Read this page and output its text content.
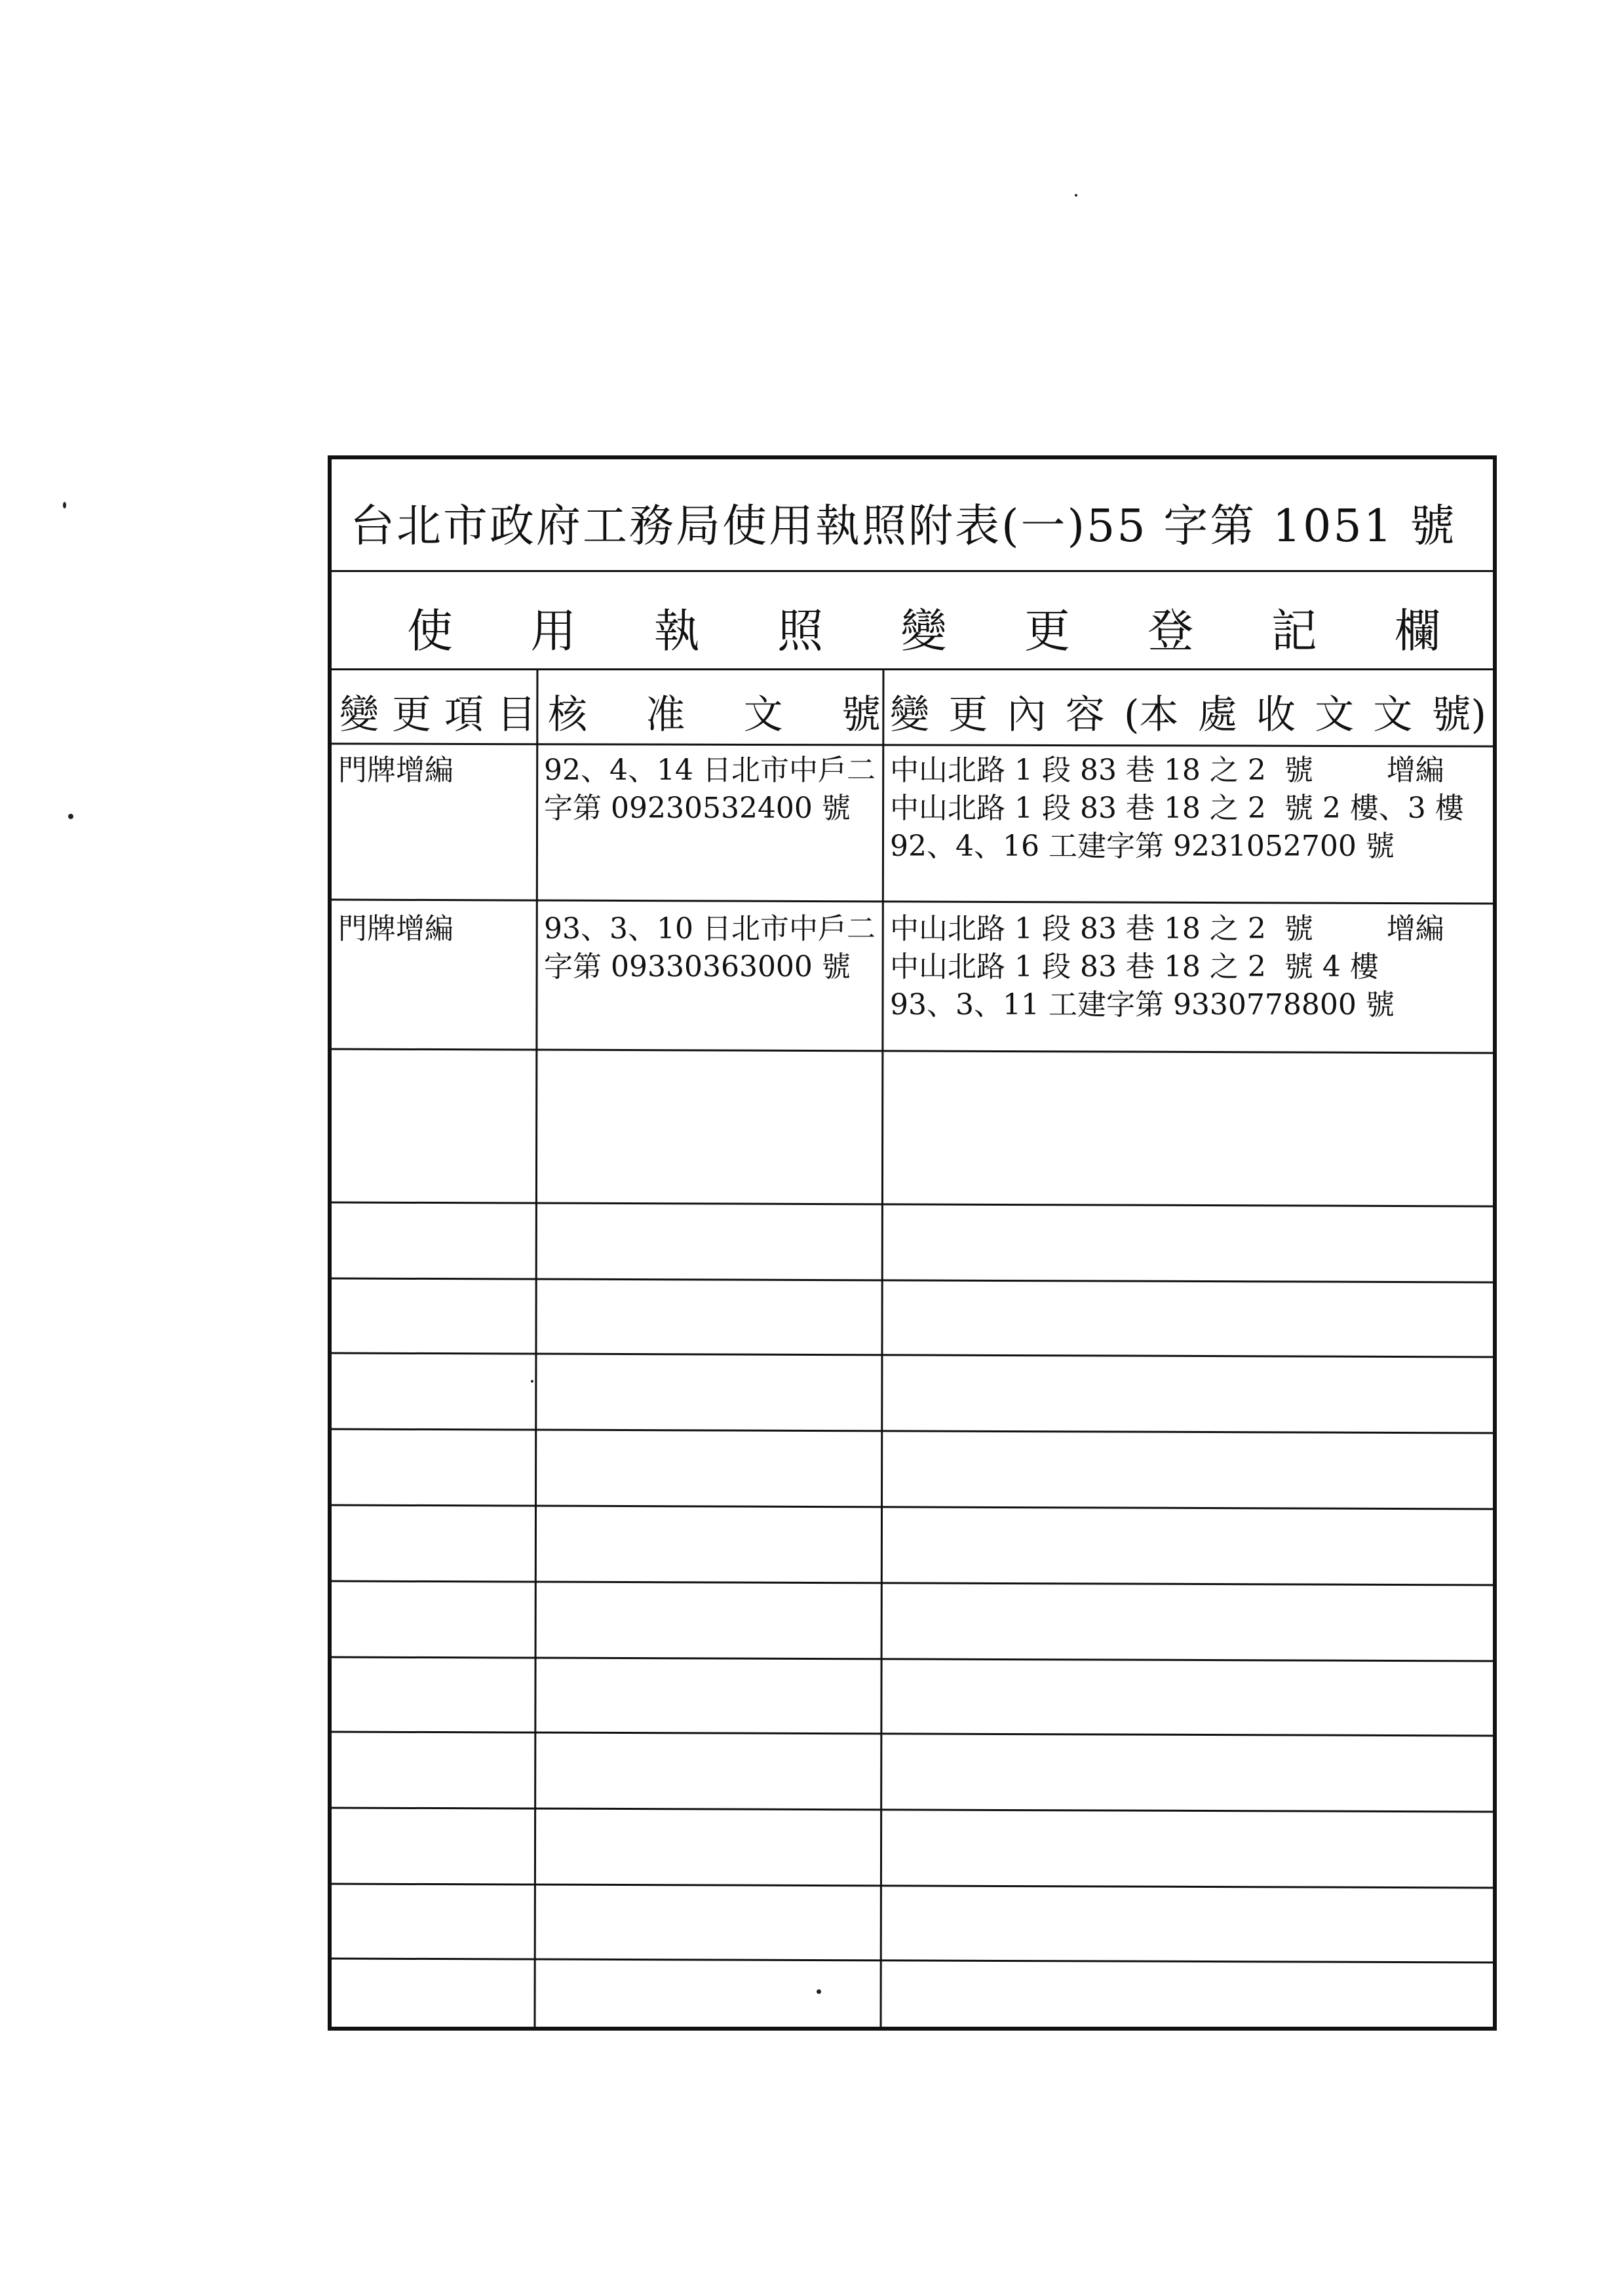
台北市政府工務局使用執照附表(一)55 字第 1051 號
使 用 執 照 變 更 登 記 欄
變 更 項 目 核 准 文 號 變 更 內 容 (本 處 收 文 文 號)
門牌增編	92、4、14 日北市中戶二
字第 09230532400 號
中山北路 1 段 83 巷 18 之 2  號        增編
中山北路 1 段 83 巷 18 之 2  號 2 樓、3 樓
92、4、16 工建字第 9231052700 號
門牌增編	93、3、10 日北市中戶二
字第 09330363000 號
中山北路 1 段 83 巷 18 之 2  號        增編
中山北路 1 段 83 巷 18 之 2  號 4 樓
93、3、11 工建字第 9330778800 號
